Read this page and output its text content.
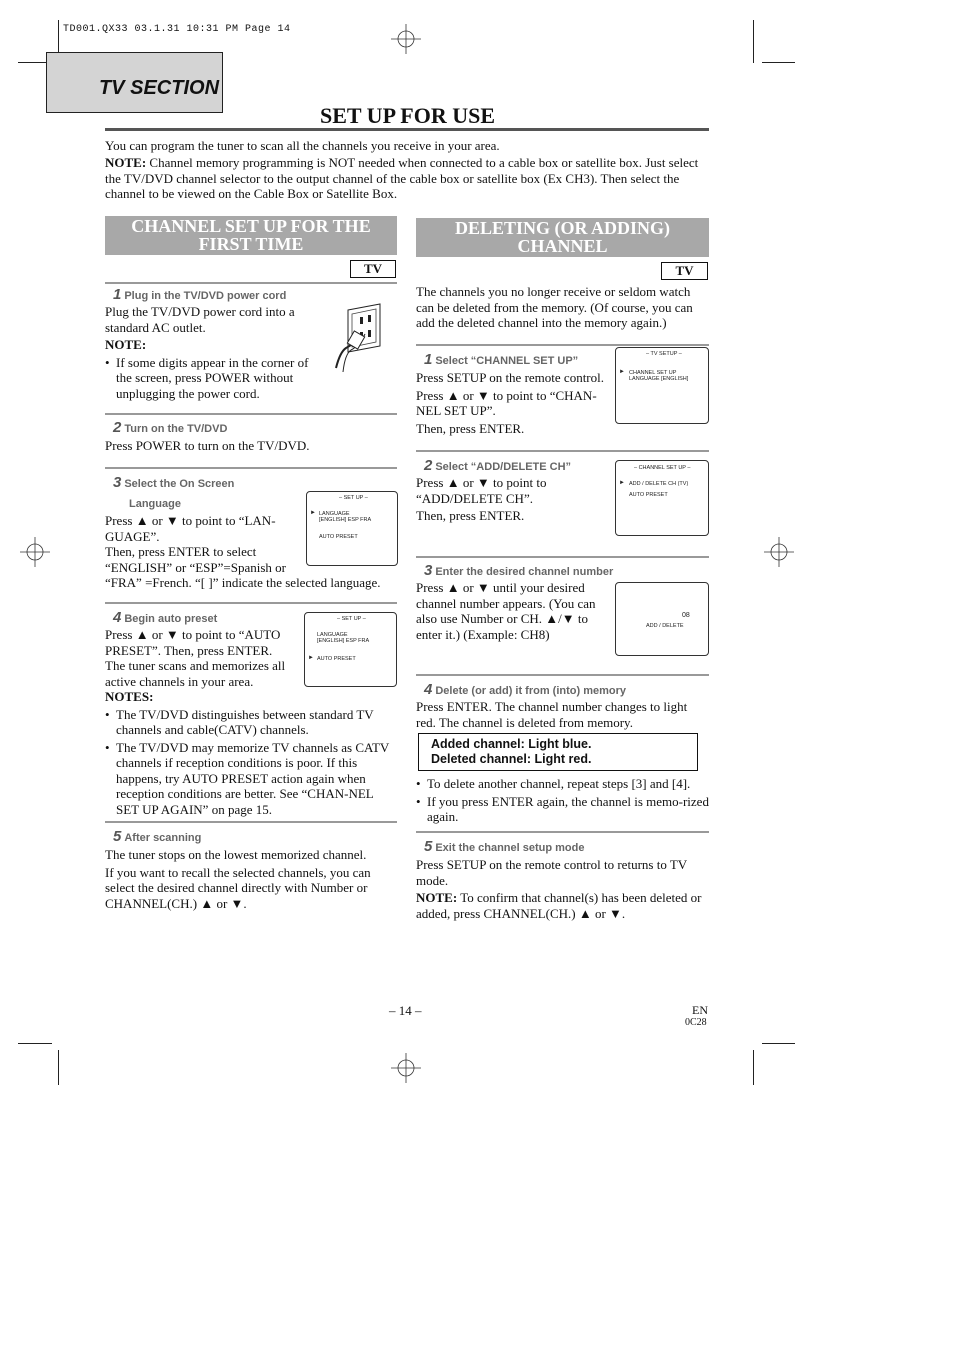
TD001.QX33 03.1.31 10:31 PM Page 14
TV SECTION
SET UP FOR USE
You can program the tuner to scan all the channels you receive in your area.
NOTE: Channel memory programming is NOT needed when connected to a cable box or satellite box. Just select the TV/DVD channel selector to the output channel of the cable box or satellite box (Ex CH3). Then select the channel to be viewed on the Cable Box or Satellite Box.
CHANNEL SET UP FOR THE
FIRST TIME
TV
1 Plug in the TV/DVD power cord
Plug the TV/DVD power cord into a
standard AC outlet.
NOTE:
• If some digits appear in the corner of the screen, press POWER without unplugging the power cord.
2 Turn on the TV/DVD
Press POWER to turn on the TV/DVD.
3 Select the On Screen
Language
Press ▲ or ▼ to point to “LAN-
GUAGE”.
Then, press ENTER to select
“ENGLISH” or “ESP”=Spanish or
“FRA” =French. “[ ]” indicate the selected language.
– SET UP –
► LANGUAGE
[ENGLISH] ESP FRA
AUTO PRESET
4 Begin auto preset
Press ▲ or ▼ to point to “AUTO
PRESET”. Then, press ENTER.
The tuner scans and memorizes all
active channels in your area.
NOTES:
• The TV/DVD distinguishes between standard TV channels and cable(CATV) channels.
• The TV/DVD may memorize TV channels as CATV channels if reception conditions is poor. If this happens, try AUTO PRESET action again when reception conditions are better. See “CHAN-NEL SET UP AGAIN” on page 15.
– SET UP –
LANGUAGE
[ENGLISH] ESP FRA
► AUTO PRESET
5 After scanning
The tuner stops on the lowest memorized channel.
If you want to recall the selected channels, you can select the desired channel directly with Number or CHANNEL(CH.) ▲ or ▼.
DELETING (OR ADDING)
CHANNEL
TV
The channels you no longer receive or seldom watch can be deleted from the memory. (Of course, you can add the deleted channel into the memory again.)
1 Select “CHANNEL SET UP”
Press SETUP on the remote control.
Press ▲ or ▼ to point to “CHAN-
NEL SET UP”.
Then, press ENTER.
– TV SETUP –
► CHANNEL SET UP
LANGUAGE [ENGLISH]
2 Select “ADD/DELETE CH”
Press ▲ or ▼ to point to
“ADD/DELETE CH”.
Then, press ENTER.
– CHANNEL SET UP –
► ADD / DELETE CH (TV)
AUTO PRESET
3 Enter the desired channel number
Press ▲ or ▼ until your desired
channel number appears. (You can
also use Number or CH. ▲/▼ to
enter it.) (Example: CH8)
08
ADD / DELETE
4 Delete (or add) it from (into) memory
Press ENTER. The channel number changes to light red. The channel is deleted from memory.
Added channel: Light blue.
Deleted channel: Light red.
• To delete another channel, repeat steps [3] and [4].
• If you press ENTER again, the channel is memo-rized again.
5 Exit the channel setup mode
Press SETUP on the remote control to returns to TV mode.
NOTE: To confirm that channel(s) has been deleted or added, press CHANNEL(CH.) ▲ or ▼.
– 14 –	EN
0C28
